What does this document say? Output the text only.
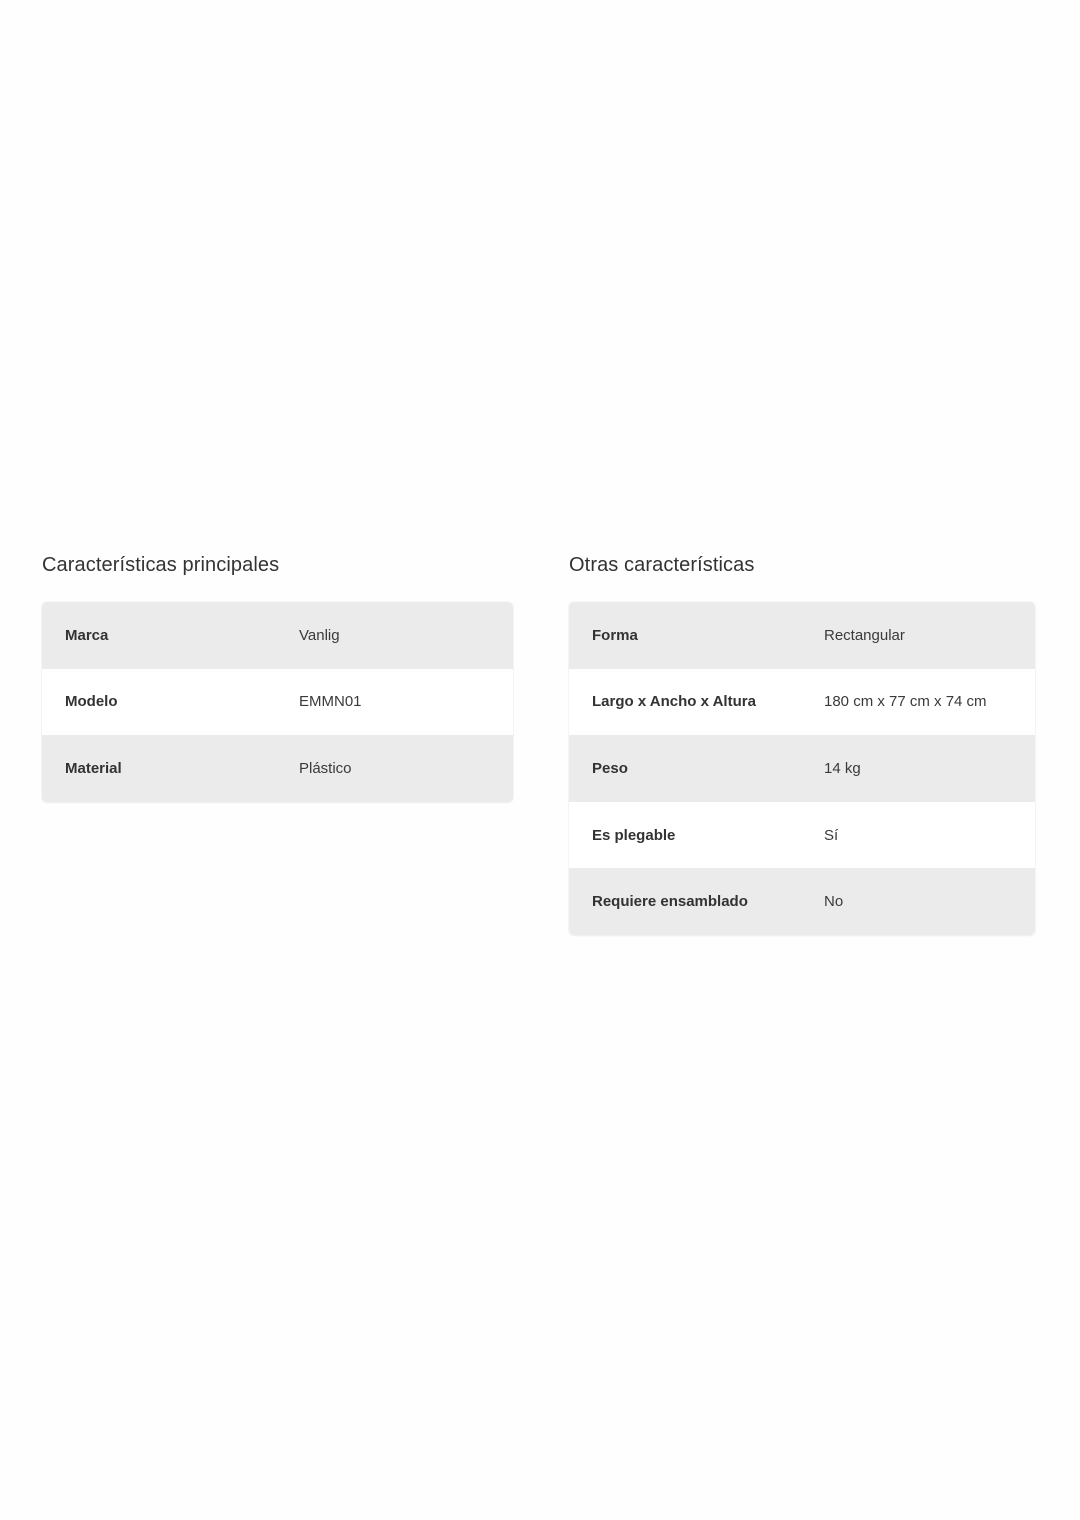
Características principales
Marca	Vanlig
Modelo	EMMN01
Material	Plástico
Otras características
Forma	Rectangular
Largo x Ancho x Altura	180 cm x 77 cm x 74 cm
Peso	14 kg
Es plegable	Sí
Requiere ensamblado	No
